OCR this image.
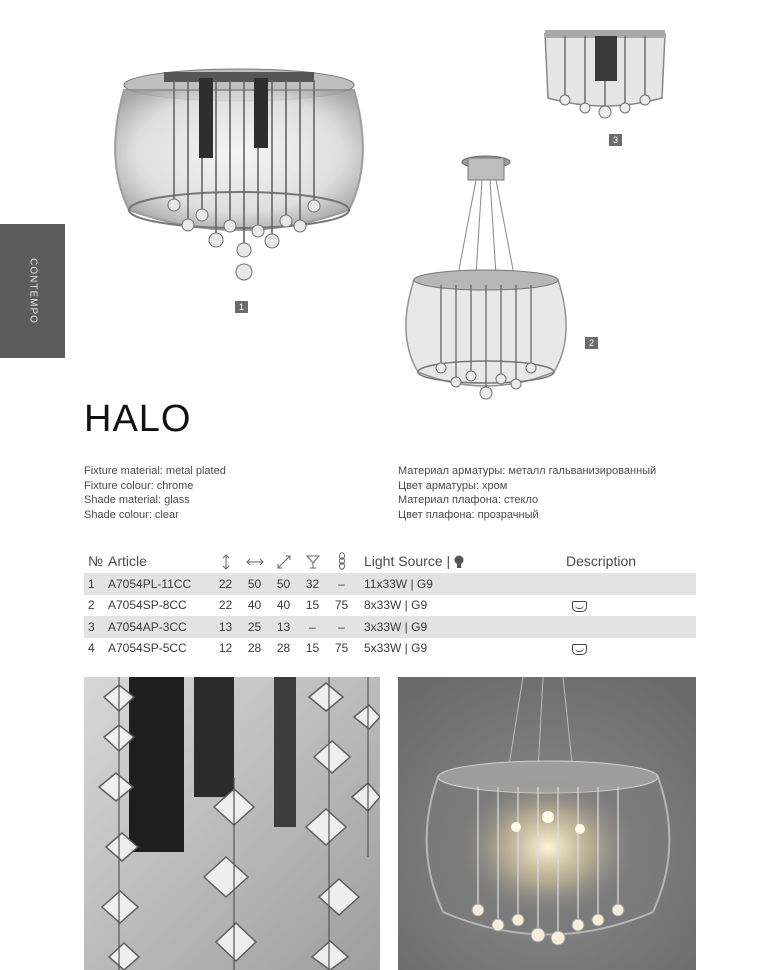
CONTEMPO	1
3
2
HALO
Fixture material: metal plated
Fixture colour: chrome
Shade material: glass
Shade colour: clear
Материал арматуры: металл гальванизированный
Цвет арматуры: хром
Материал плафона: стекло
Цвет плафона: прозрачный
№	Article						Light Source |	Description
1	A7054PL-11CC	22	50	50	32	–	11x33W | G9	
2	A7054SP-8CC	22	40	40	15	75	8x33W | G9	
3	A7054AP-3CC	13	25	13	–	–	3x33W | G9	
4	A7054SP-5CC	12	28	28	15	75	5x33W | G9	
